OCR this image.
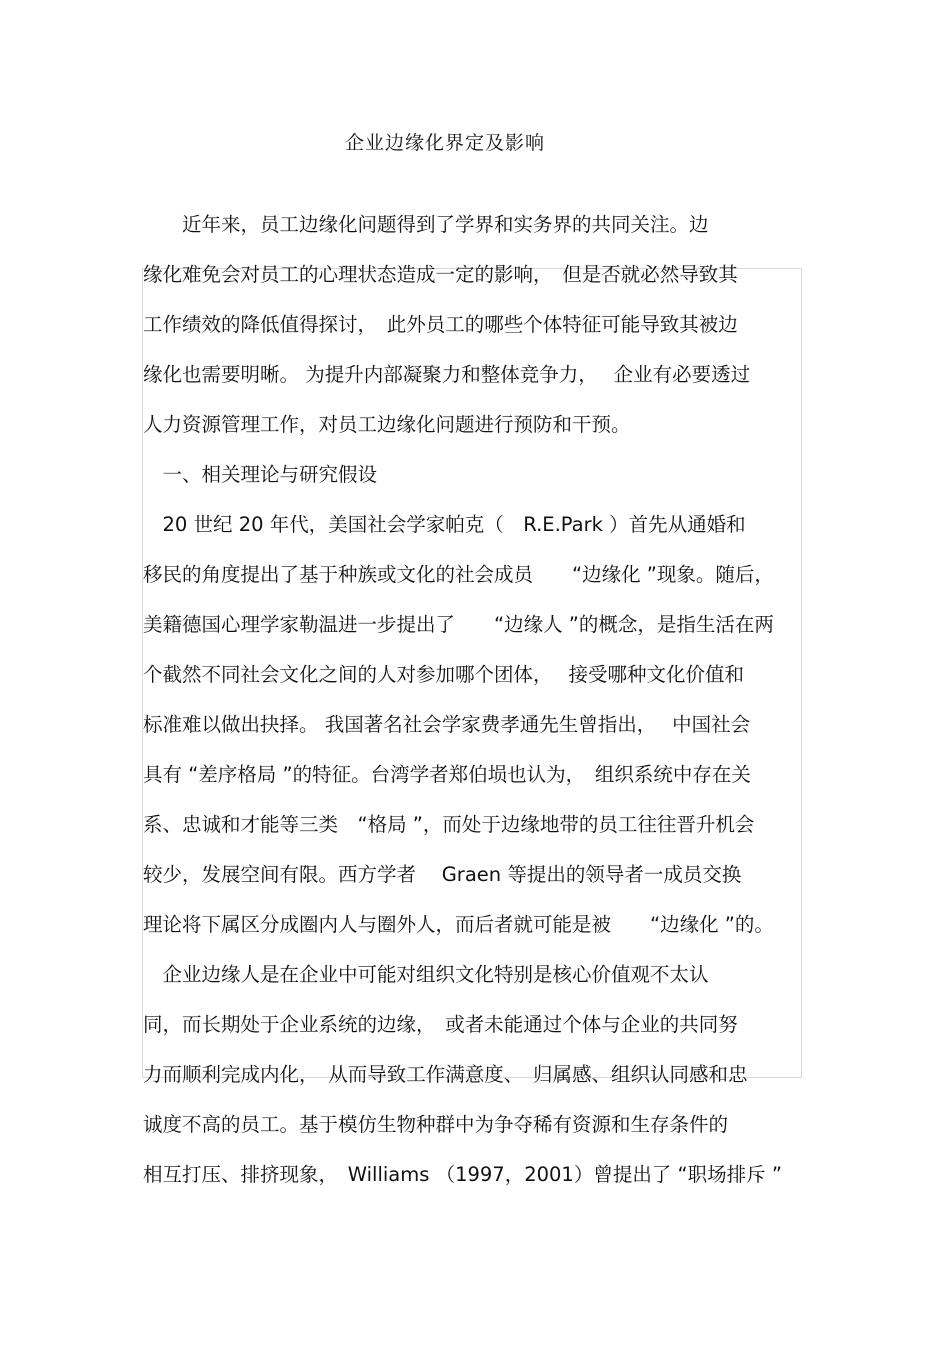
企业边缘化界定及影响
　　近年来，员工边缘化问题得到了学界和实务界的共同关注。边
缘化难免会对员工的心理状态造成一定的影响，　但是否就必然导致其
工作绩效的降低值得探讨，　此外员工的哪些个体特征可能导致其被边
缘化也需要明晰。 为提升内部凝聚力和整体竞争力，　 企业有必要透过
人力资源管理工作，对员工边缘化问题进行预防和干预。
　一、相关理论与研究假设
　20 世纪 20 年代，美国社会学家帕克（　R.E.Park ）首先从通婚和
移民的角度提出了基于种族或文化的社会成员　　“边缘化 ”现象。随后，
美籍德国心理学家勒温进一步提出了　　“边缘人 ”的概念，是指生活在两
个截然不同社会文化之间的人对参加哪个团体，　 接受哪种文化价值和
标准难以做出抉择。 我国著名社会学家费孝通先生曾指出，　 中国社会
具有 “差序格局 ”的特征。台湾学者郑伯埙也认为，　组织系统中存在关
系、忠诚和才能等三类　“格局 ”，而处于边缘地带的员工往往晋升机会
较少，发展空间有限。西方学者　 Graen 等提出的领导者一成员交换
理论将下属区分成圈内人与圈外人，而后者就可能是被　　“边缘化 ”的。
　企业边缘人是在企业中可能对组织文化特别是核心价值观不太认
同，而长期处于企业系统的边缘，　或者未能通过个体与企业的共同努
力而顺利完成内化，　从而导致工作满意度、　归属感、组织认同感和忠
诚度不高的员工。基于模仿生物种群中为争夺稀有资源和生存条件的
相互打压、排挤现象，　Williams （1997，2001）曾提出了 “职场排斥 ”
